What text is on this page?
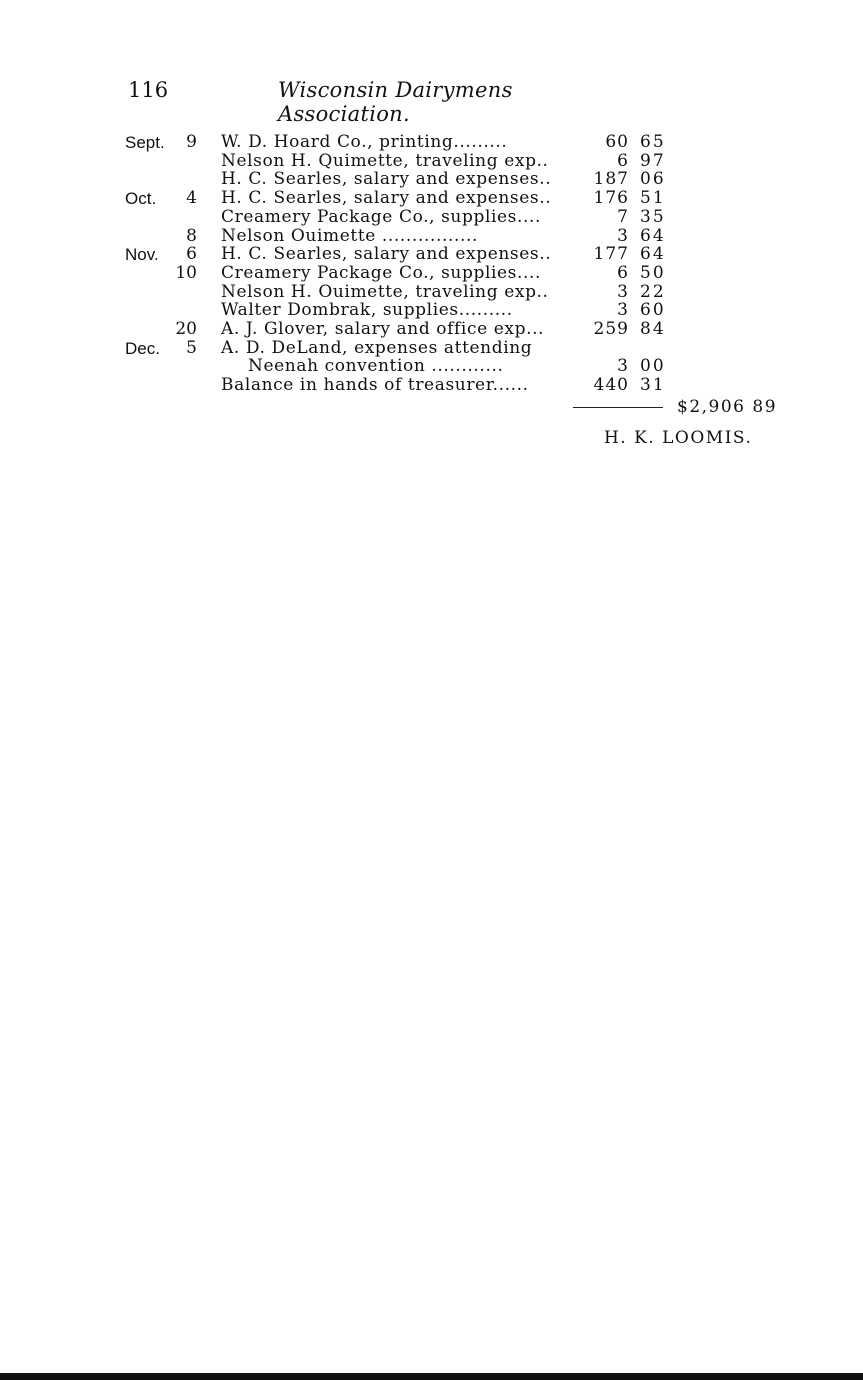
116	Wisconsin Dairymens Association.
Sept.	9 W. D. Hoard Co., printing.........	60 65
Nelson H. Quimette, traveling exp..	6 97
H. C. Searles, salary and expenses..	187 06
Oct.	4 H. C. Searles, salary and expenses..	176 51
Creamery Package Co., supplies....	7 35
8 Nelson Ouimette ................	3 64
Nov.	6 H. C. Searles, salary and expenses..	177 64
10 Creamery Package Co., supplies....	6 50
Nelson H. Ouimette, traveling exp..	3 22
Walter Dombrak, supplies.........	3 60
20 A. J. Glover, salary and office exp...	259 84
Dec.	5 A. D. DeLand, expenses attending
Neenah convention ............	3 00
Balance in hands of treasurer......	440 31
$2,906 89
H. K. LOOMIS.
